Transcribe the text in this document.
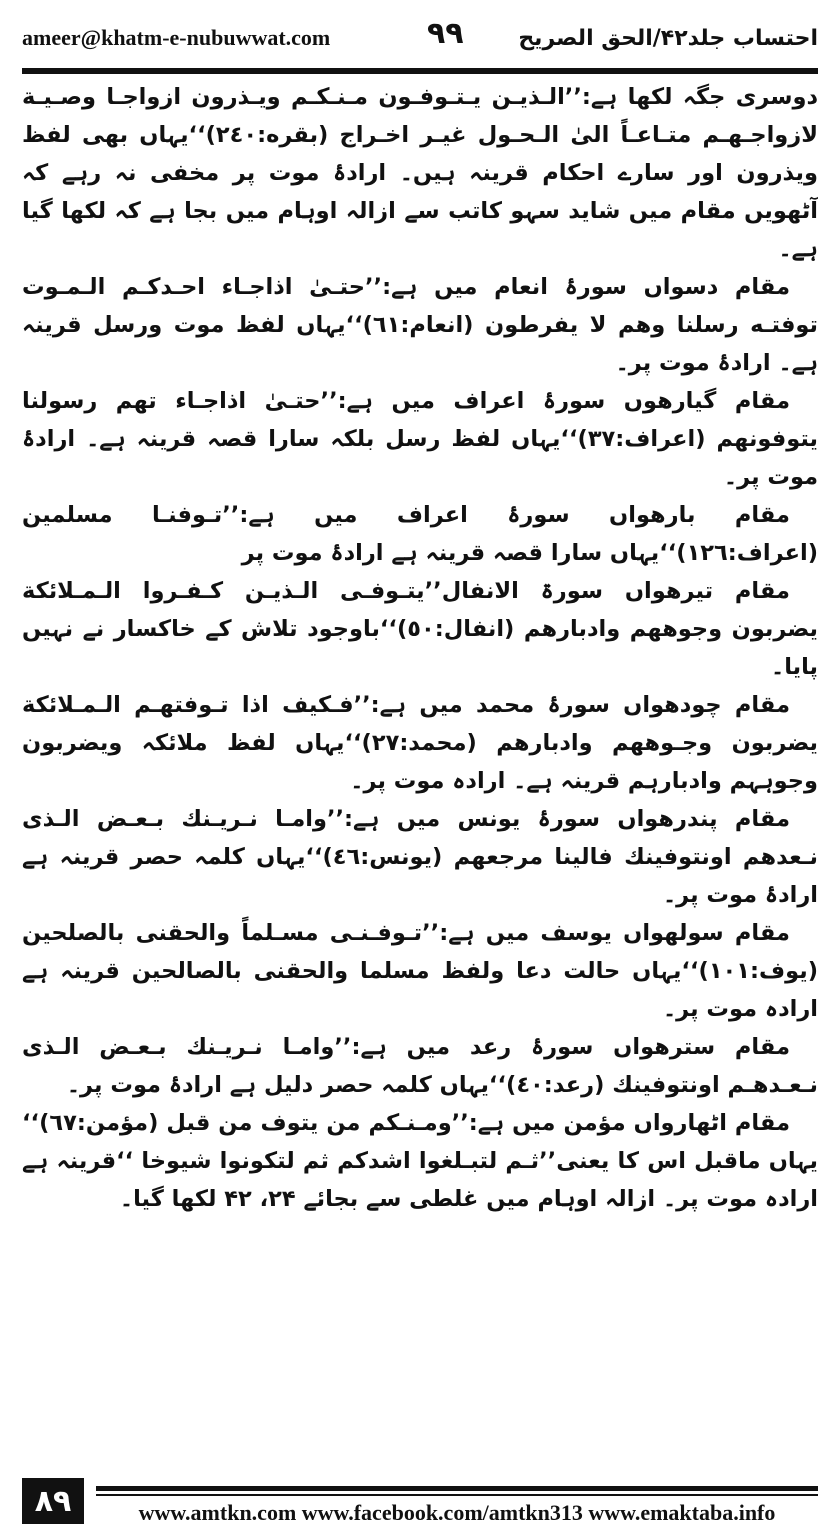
ameer@khatm-e-nubuwwat.com	۹۹ احتساب جلد۴۲/الحق الصریح

دوسری جگہ لکھا ہے:’’الـذيـن يـتـوفـون مـنـكـم ويـذرون ازواجـا وصـيـة لازواجـهـم متـاعـاً الیٰ الـحـول غيـر اخـراج (بقره:٢٤٠)‘‘یہاں بھی لفظ ویذرون اور سارے احکام قرینہ ہیں۔ ارادۂ موت پر مخفی نہ رہے کہ آٹھویں مقام میں شاید سہو کاتب سے ازالہ اوہام میں بجا ہے کہ لکھا گیا ہے۔

مقام دسواں سورۂ انعام میں ہے:’’حتـیٰ اذاجـاء احـدكـم الـمـوت توفتـه رسلنا وهم لا يفرطون (انعام:٦١)‘‘یہاں لفظ موت ورسل قرینہ ہے۔ ارادۂ موت پر۔

مقام گیارھوں سورۂ اعراف میں ہے:’’حتـیٰ اذاجـاء تهم رسولنا يتوفونهم (اعراف:٣٧)‘‘یہاں لفظ رسل بلکہ سارا قصہ قرینہ ہے۔ ارادۂ موت پر۔

مقام بارھواں سورۂ اعراف میں ہے:’’تـوفنـا مسلمين (اعراف:١٢٦)‘‘یہاں سارا قصہ قرینہ ہے ارادۂ موت پر

مقام تیرھواں سورۃ الانفال’’يتـوفـی الـذيـن كـفـروا الـمـلائكة يضربون وجوههم وادبارهم (انفال:٥٠)‘‘باوجود تلاش کے خاکسار نے نہیں پایا۔

مقام چودھواں سورۂ محمد میں ہے:’’فـكيف اذا تـوفتهـم الـمـلائكة يضربون وجـوههم وادبارهم (محمد:٢٧)‘‘یہاں لفظ ملائکہ ویضربون وجوہہم وادبارہم قرینہ ہے۔ ارادہ موت پر۔

مقام پندرھواں سورۂ یونس میں ہے:’’وامـا نـريـنك بـعـض الـذی نـعدهم اونتوفينك فالينا مرجعهم (يونس:٤٦)‘‘یہاں کلمہ حصر قرینہ ہے ارادۂ موت پر۔

مقام سولھواں یوسف میں ہے:’’تـوفـنـی مسـلماً والحقنی بالصلحين (يوف:١٠١)‘‘یہاں حالت دعا ولفظ مسلما والحقنی بالصالحين قرینہ ہے ارادہ موت پر۔

مقام سترھواں سورۂ رعد میں ہے:’’وامـا نـريـنك بـعـض الـذی نـعـدهـم اونتوفينك (رعد:٤٠)‘‘یہاں کلمہ حصر دلیل ہے ارادۂ موت پر۔

مقام اٹھارواں مؤمن میں ہے:’’ومـنـكم من يتوف من قبل (مؤمن:٦٧)‘‘ یہاں ماقبل اس کا یعنی’’ثـم لتبـلغوا اشدكم ثم لتكونوا شيوخا ‘‘قرینہ ہے ارادہ موت پر۔ ازالہ اوہام میں غلطی سے بجائے ۲۴، ۴۲ لکھا گیا۔

۸۹	www.amtkn.com www.facebook.com/amtkn313 www.emaktaba.info
